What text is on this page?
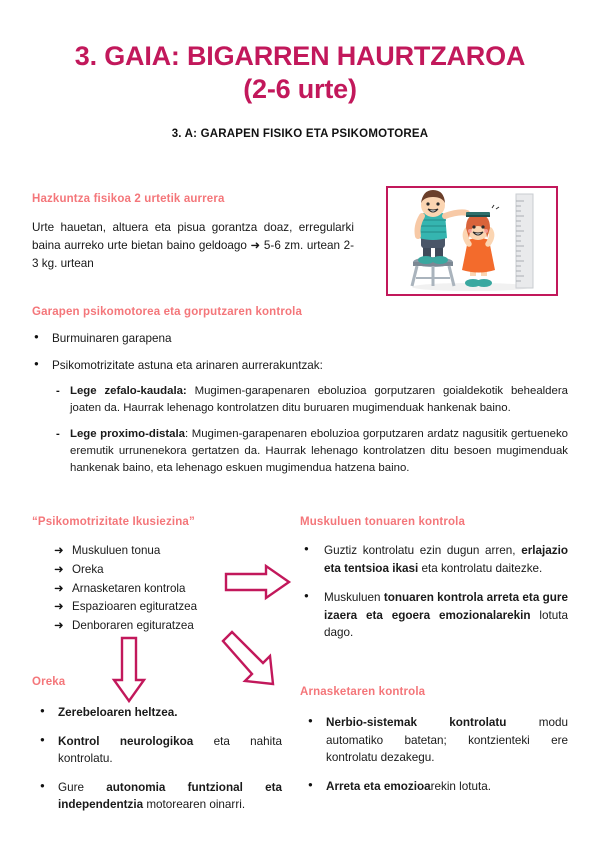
3. GAIA: BIGARREN HAURTZAROA
(2-6 urte)
3. A: GARAPEN FISIKO ETA PSIKOMOTOREA
Hazkuntza fisikoa 2 urtetik aurrera

Urte hauetan, altuera eta pisua gorantza doaz, erregularki baina aurreko urte bietan baino geldoago ➜ 5-6 zm. urtean 2-3 kg. urtean

Garapen psikomotorea eta gorputzaren kontrola
● Burmuinaren garapena
● Psikomotrizitate astuna eta arinaren aurrerakuntzak:
- Lege zefalo-kaudala: Mugimen-garapenaren eboluzioa gorputzaren goialdekotik behealdera joaten da. Haurrak lehenago kontrolatzen ditu buruaren mugimenduak hankenak baino.
- Lege proximo-distala: Mugimen-garapenaren eboluzioa gorputzaren ardatz nagusitik gertueneko eremutik urrunenekora gertatzen da. Haurrak lehenago kontrolatzen ditu besoen mugimenduak hankenak baino, eta lehenago eskuen mugimendua hatzena baino.
“Psikomotrizitate Ikusiezina”
➜ Muskuluen tonua
➜ Oreka
➜ Arnasketaren kontrola
➜ Espazioaren egituratzea
➜ Denboraren egituratzea
Muskuluen tonuaren kontrola
● Guztiz kontrolatu ezin dugun arren, erlajazio eta tentsioa ikasi eta kontrolatu daitezke.
● Muskuluen tonuaren kontrola arreta eta gure izaera eta egoera emozionalarekin lotuta dago.
Oreka
● Zerebeloaren heltzea.
● Kontrol neurologikoa eta nahita kontrolatu.
● Gure autonomia funtzional eta independentzia motorearen oinarri.
Arnasketaren kontrola
● Nerbio-sistemak kontrolatu modu automatiko batetan; kontzienteki ere kontrolatu dezakegu.
● Arreta eta emozioarekin lotuta.
